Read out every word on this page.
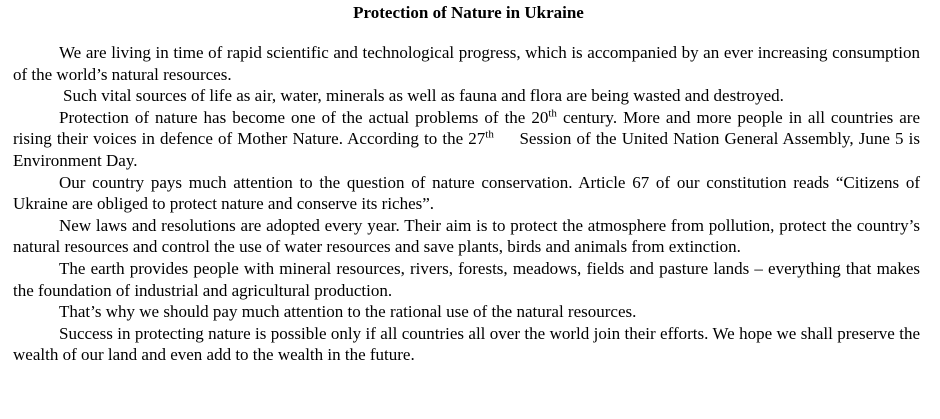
Protection of Nature in Ukraine

We are living in time of rapid scientific and technological progress, which is accompanied by an ever increasing consumption of the world’s natural resources.

Such vital sources of life as air, water, minerals as well as fauna and flora are being wasted and destroyed.

Protection of nature has become one of the actual problems of the 20th century. More and more people in all countries are rising their voices in defence of Mother Nature. According to the 27th     Session of the United Nation General Assembly, June 5 is Environment Day.

Our country pays much attention to the question of nature conservation. Article 67 of our constitution reads “Citizens of Ukraine are obliged to protect nature and conserve its riches”.

New laws and resolutions are adopted every year. Their aim is to protect the atmosphere from pollution, protect the country’s natural resources and control the use of water resources and save plants, birds and animals from extinction.

The earth provides people with mineral resources, rivers, forests, meadows, fields and pasture lands – everything that makes the foundation of industrial and agricultural production.

That’s why we should pay much attention to the rational use of the natural resources.

Success in protecting nature is possible only if all countries all over the world join their efforts. We hope we shall preserve the wealth of our land and even add to the wealth in the future.
